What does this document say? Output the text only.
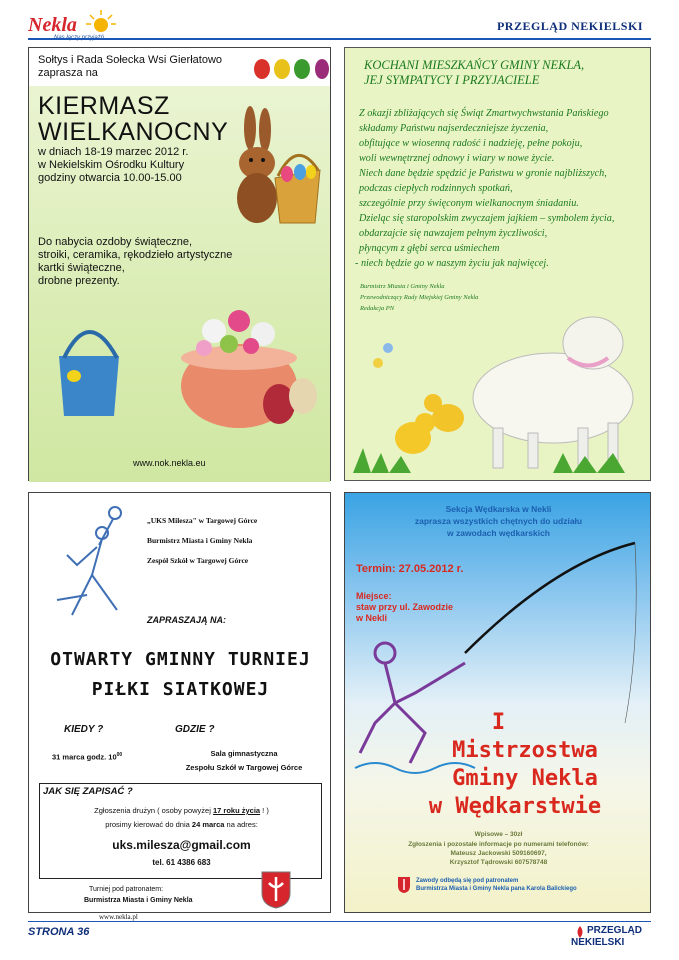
Nekla	PRZEGLĄD NEKIELSKI
Sołtys i Rada Sołecka Wsi Gierłatowo
zaprasza na
KIERMASZ
WIELKANOCNY
w dniach 18-19 marzec 2012 r.
w Nekielskim Ośrodku Kultury
godziny otwarcia 10.00-15.00
Do nabycia ozdoby świąteczne,
stroiki, ceramika, rękodzieło artystyczne
kartki świąteczne,
drobne prezenty.
www.nok.nekla.eu
KOCHANI MIESZKAŃCY GMINY NEKLA,
JEJ SYMPATYCY I PRZYJACIELE
Z okazji zbliżających się Świąt Zmartwychwstania Pańskiego
składamy Państwu najserdeczniejsze życzenia,
obfitujące w wiosenną radość i nadzieję, pełne pokoju,
woli wewnętrznej odnowy i wiary w nowe życie.
Niech dane będzie spędzić je Państwu w gronie najbliższych,
podczas ciepłych rodzinnych spotkań,
szczególnie przy święconym wielkanocnym śniadaniu.
Dzieląc się staropolskim zwyczajem jajkiem – symbolem życia,
obdarzajcie się nawzajem pełnym życzliwości,
płynącym z głębi serca uśmiechem
- niech będzie go w naszym życiu jak najwięcej.
Burmistrz Miasta i Gminy Nekla
Przewodniczący Rady Miejskiej Gminy Nekla
Redakcja PN
„UKS Milesza" w Targowej Górce
Burmistrz Miasta i Gminy Nekla
Zespół Szkół w Targowej Górce
ZAPRASZAJĄ NA:
OTWARTY GMINNY TURNIEJ
PIŁKI SIATKOWEJ
KIEDY ?
31 marca godz. $10^{00}$
GDZIE ?
Sala gimnastyczna
Zespołu Szkół w Targowej Górce
JAK SIĘ ZAPISAĆ ?
Zgłoszenia drużyn ( osoby powyżej 17 roku życia ! )
prosimy kierować do dnia 24 marca na adres:
uks.milesza@gmail.com
tel. 61 4386 683
Turniej pod patronatem:
Burmistrza Miasta i Gminy Nekla
www.nekla.pl
Sekcja Wędkarska w Nekli
zaprasza wszystkich chętnych do udziału
w zawodach wędkarskich
Termin: 27.05.2012 r.
Miejsce:
staw przy ul. Zawodzie
w Nekli
I
Mistrzostwa
Gminy Nekla
w Wędkarstwie
Wpisowe – 30zł
Zgłoszenia i pozostałe informacje po numerami telefonów:
Mateusz Jackowski 509160697,
Krzysztof Tądrowski 607578748
Zawody odbędą się pod patronatem
Burmistrza Miasta i Gminy Nekla pana Karola Balickiego
STRONA 36	PRZEGLĄD
NEKIELSKI
